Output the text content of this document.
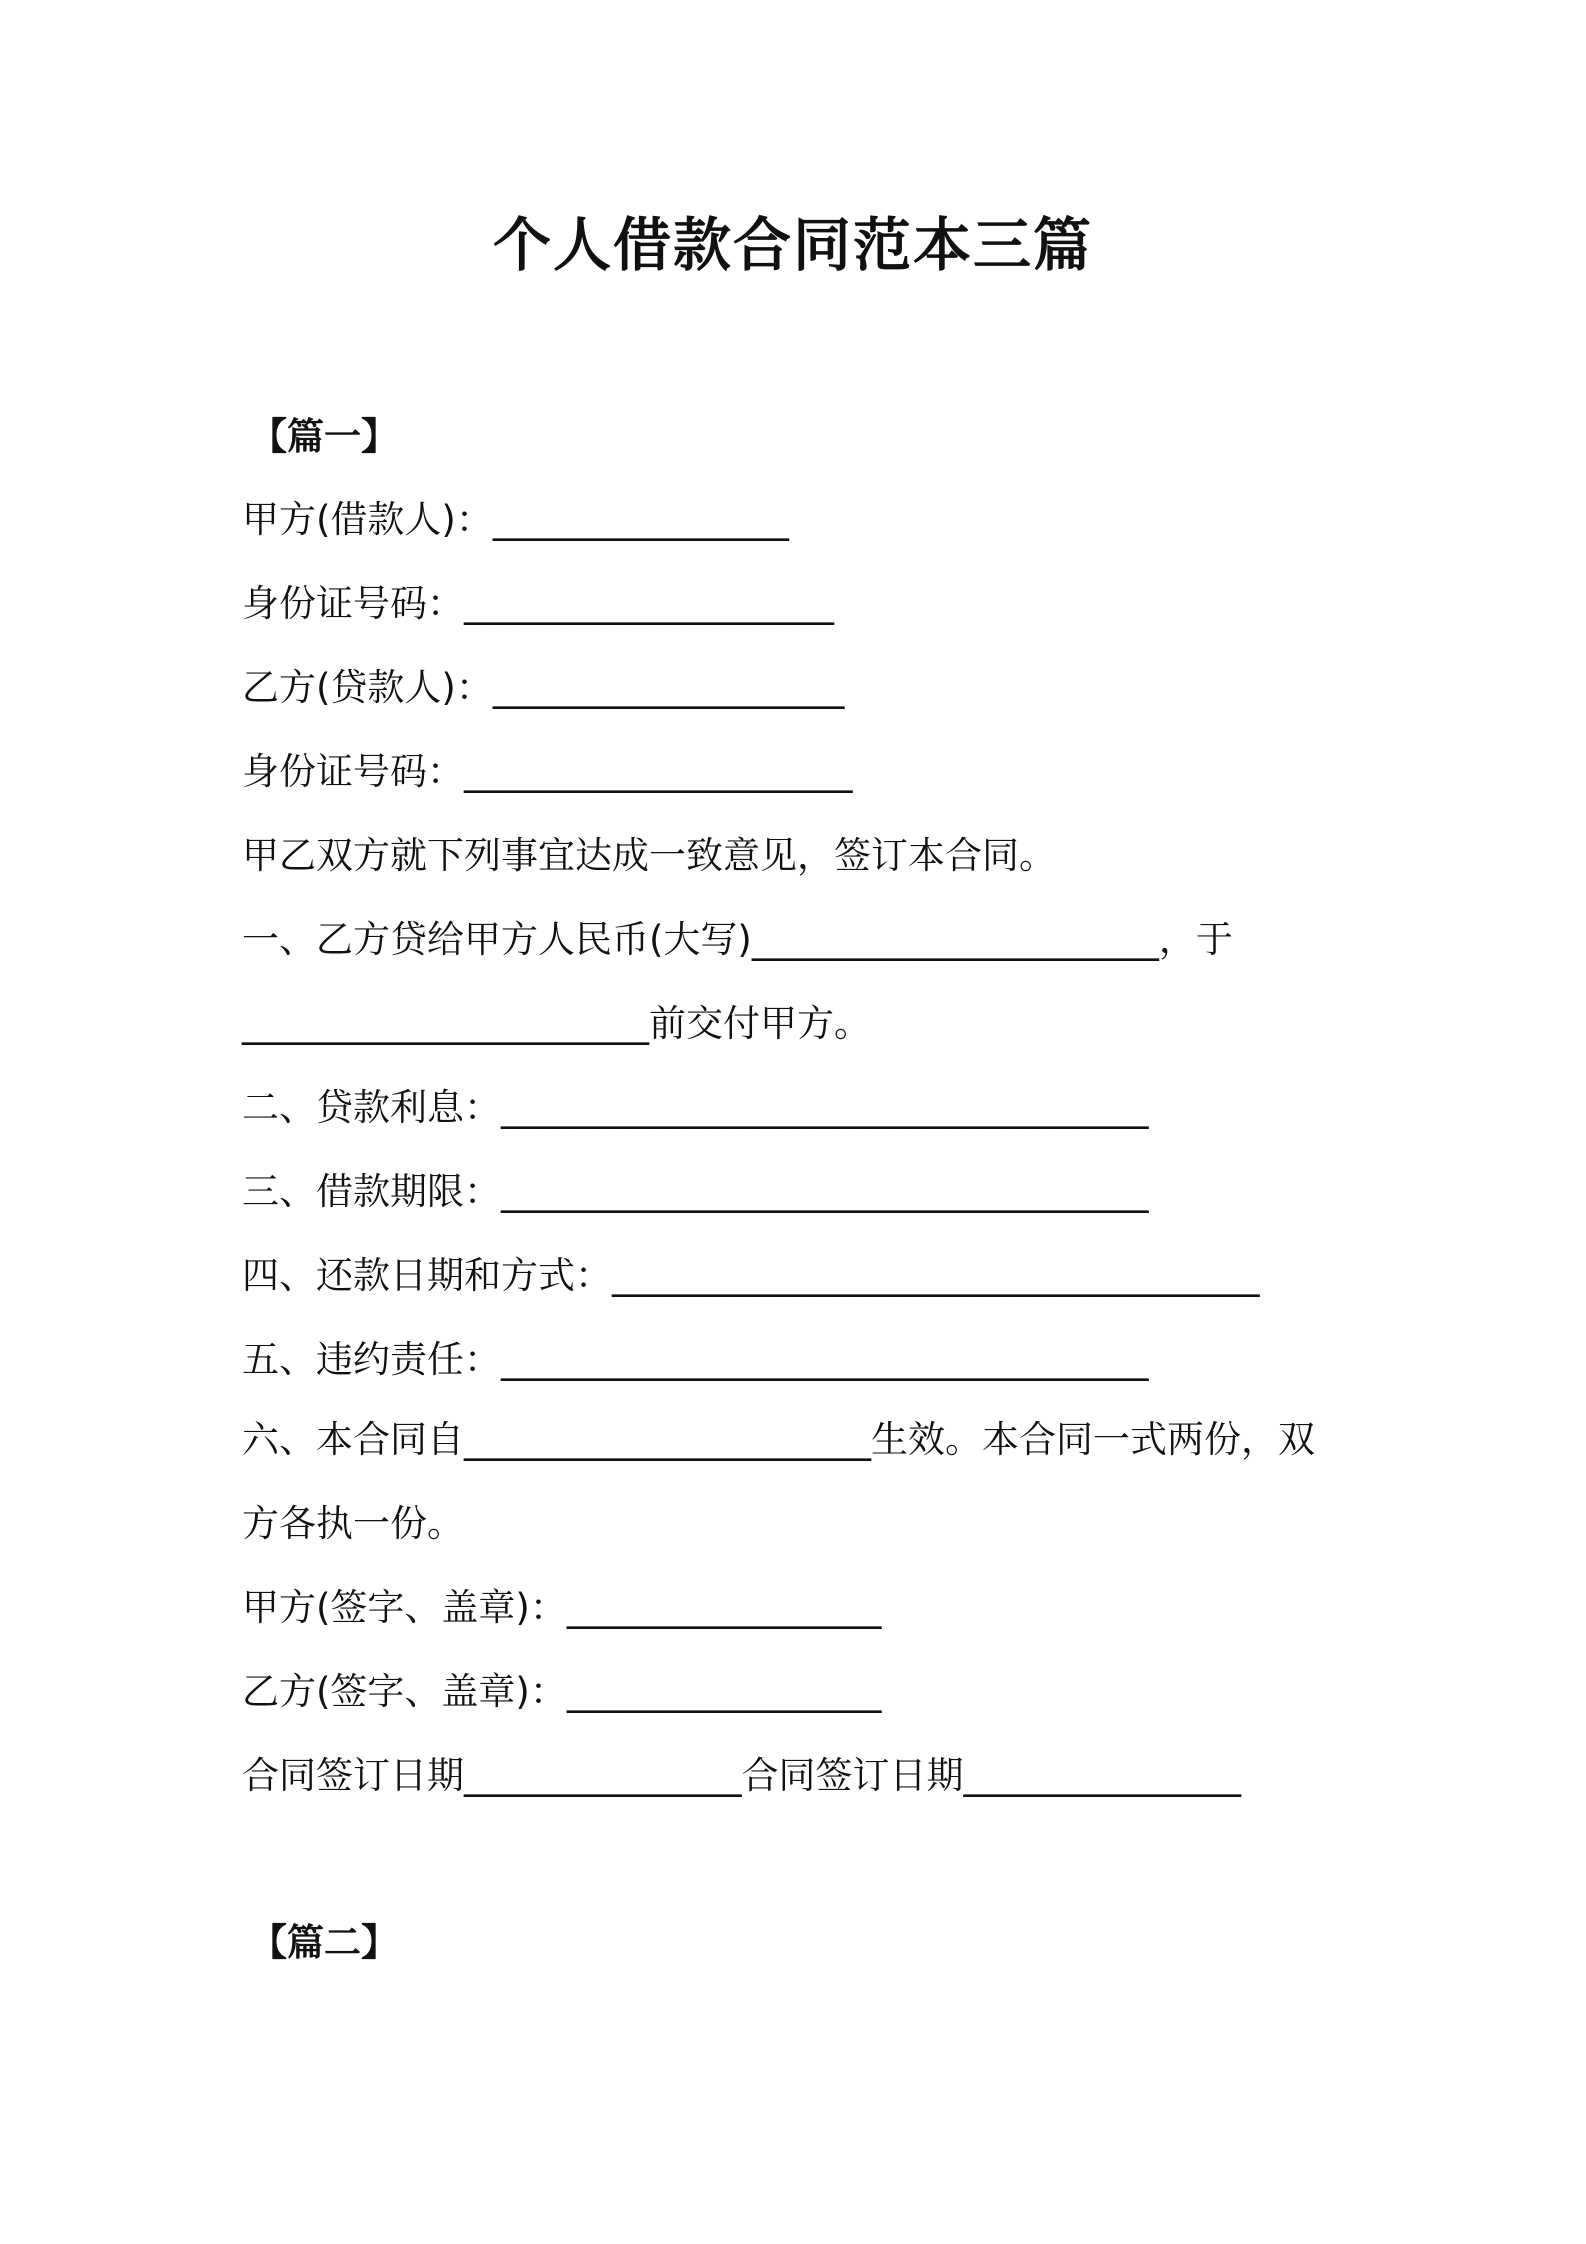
个人借款合同范本三篇
【篇一】
甲方(借款人)：________________
身份证号码：____________________
乙方(贷款人)：___________________
身份证号码：_____________________
甲乙双方就下列事宜达成一致意见，签订本合同。
一、乙方贷给甲方人民币(大写)______________________，于
______________________前交付甲方。
二、贷款利息：___________________________________
三、借款期限：___________________________________
四、还款日期和方式：___________________________________
五、违约责任：___________________________________
六、本合同自______________________生效。本合同一式两份，双
方各执一份。
甲方(签字、盖章)：_________________
乙方(签字、盖章)：_________________
合同签订日期_______________合同签订日期_______________
【篇二】
